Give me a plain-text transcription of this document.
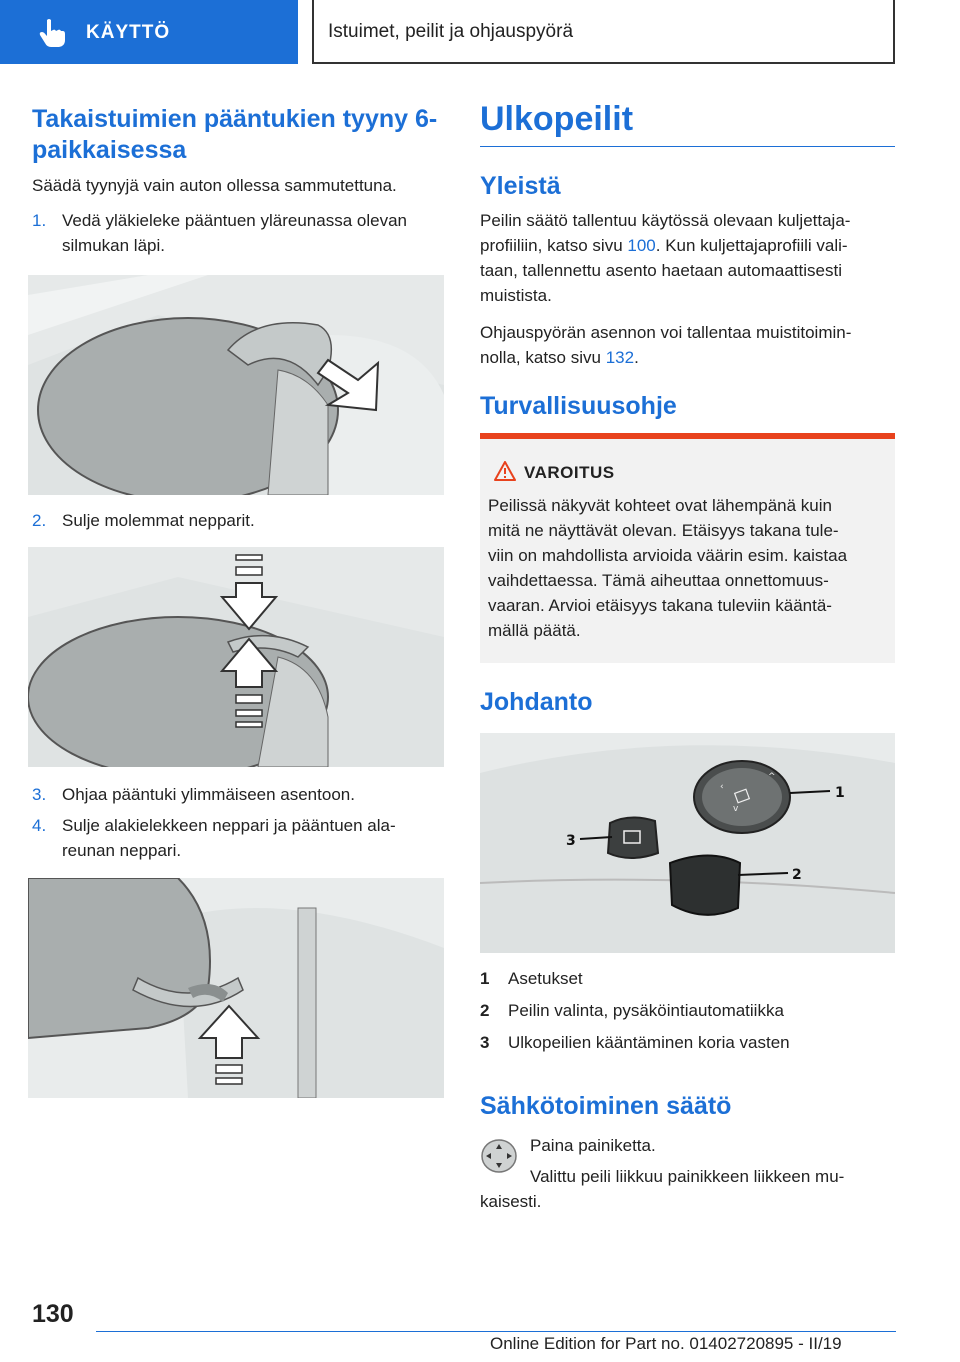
KÄYTTÖ	Istuimet, peilit ja ohjauspyörä
Takaistuimien pääntukien tyyny 6-paikkaisessa
Säädä tyynyjä vain auton ollessa sammutettuna.
1. Vedä yläkieleke pääntuen yläreunassa olevan
silmukan läpi.
2. Sulje molemmat nepparit.
3. Ohjaa pääntuki ylimmäiseen asentoon.
4. Sulje alakielekkeen neppari ja pääntuen ala-
reunan neppari.
Ulkopeilit
Yleistä
Peilin säätö tallentuu käytössä olevaan kuljettaja-
profiiliin, katso sivu 100. Kun kuljettajaprofiili vali-
taan, tallennettu asento haetaan automaattisesti
muistista.
Ohjauspyörän asennon voi tallentaa muistitoimin-
nolla, katso sivu 132.
Turvallisuusohje
VAROITUS
Peilissä näkyvät kohteet ovat lähempänä kuin
mitä ne näyttävät olevan. Etäisyys takana tule-
viin on mahdollista arvioida väärin esim. kaistaa
vaihdettaessa. Tämä aiheuttaa onnettomuus-
vaaran. Arvioi etäisyys takana tuleviin kääntä-
mällä päätä.
Johdanto
‹
^
v
1
2
3
1 Asetukset
2 Peilin valinta, pysäköintiautomatiikka
3 Ulkopeilien kääntäminen koria vasten
Sähkötoiminen säätö
Paina painiketta.
Valittu peili liikkuu painikkeen liikkeen mu-
kaisesti.
130
Online Edition for Part no. 01402720895 - II/19
